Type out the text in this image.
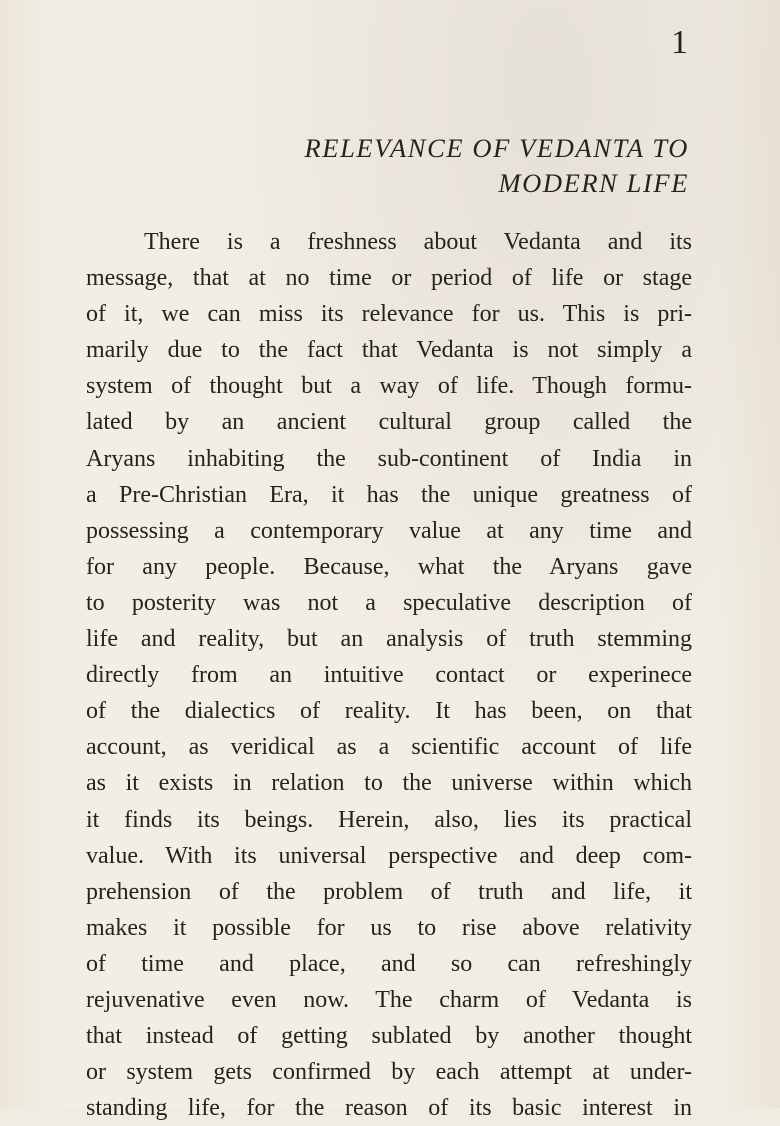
1
RELEVANCE OF VEDANTA TO
MODERN LIFE
There is a freshness about Vedanta and its
message, that at no time or period of life or stage
of it, we can miss its relevance for us. This is pri-
marily due to the fact that Vedanta is not simply a
system of thought but a way of life. Though formu-
lated by an ancient cultural group called the
Aryans inhabiting the sub-continent of India in
a Pre-Christian Era, it has the unique greatness of
possessing a contemporary value at any time and
for any people. Because, what the Aryans gave
to posterity was not a speculative description of
life and reality, but an analysis of truth stemming
directly from an intuitive contact or experinece
of the dialectics of reality. It has been, on that
account, as veridical as a scientific account of life
as it exists in relation to the universe within which
it finds its beings. Herein, also, lies its practical
value. With its universal perspective and deep com-
prehension of the problem of truth and life, it
makes it possible for us to rise above relativity
of time and place, and so can refreshingly
rejuvenative even now. The charm of Vedanta is
that instead of getting sublated by another thought
or system gets confirmed by each attempt at under-
standing life, for the reason of its basic interest in
